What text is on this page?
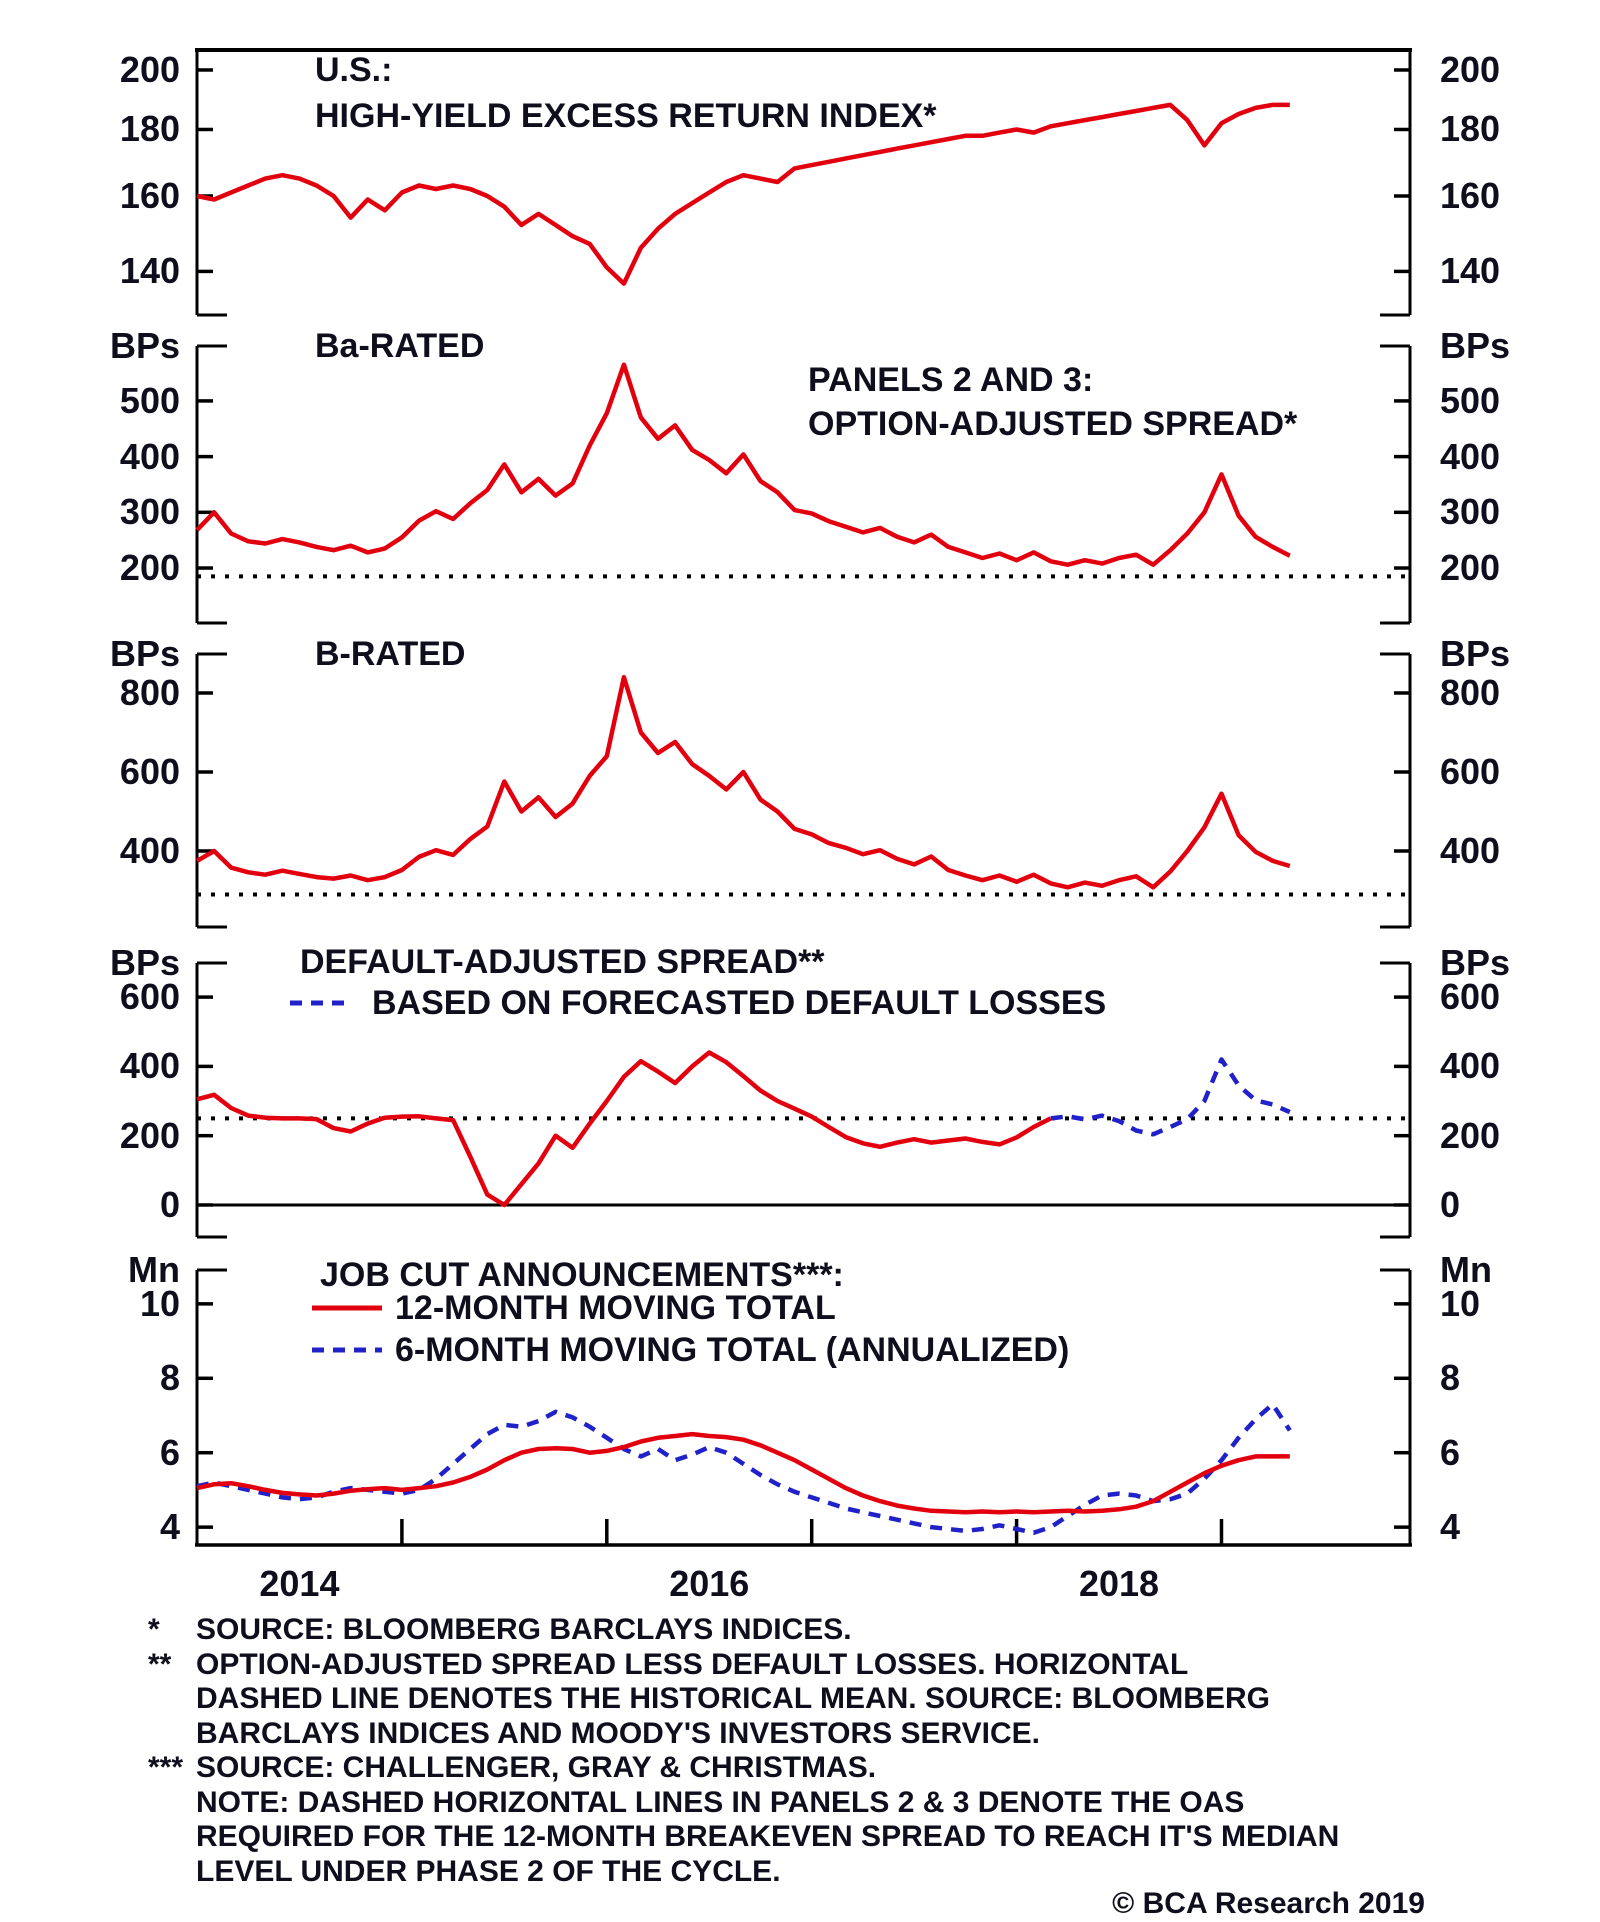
200	200
180	180
160	160
140	140
U.S.:
HIGH-YIELD EXCESS RETURN INDEX*
500	500
400	400
300	300
200	200
BPs	BPs
Ba-RATED
PANELS 2 AND 3:
OPTION-ADJUSTED SPREAD*
800	800
600	600
400	400
BPs	BPs
B-RATED
600	600
400	400
200	200
0	0
BPs	BPs
DEFAULT-ADJUSTED SPREAD**
BASED ON FORECASTED DEFAULT LOSSES
10	10
8	8
6	6
4	4
Mn	Mn
JOB CUT ANNOUNCEMENTS***:
12-MONTH MOVING TOTAL
6-MONTH MOVING TOTAL (ANNUALIZED)
2014	2016	2018
* SOURCE: BLOOMBERG BARCLAYS INDICES.
** OPTION-ADJUSTED SPREAD LESS DEFAULT LOSSES. HORIZONTAL
DASHED LINE DENOTES THE HISTORICAL MEAN. SOURCE: BLOOMBERG
BARCLAYS INDICES AND MOODY'S INVESTORS SERVICE.
*** SOURCE: CHALLENGER, GRAY & CHRISTMAS.
NOTE: DASHED HORIZONTAL LINES IN PANELS 2 & 3 DENOTE THE OAS
REQUIRED FOR THE 12-MONTH BREAKEVEN SPREAD TO REACH IT'S MEDIAN
LEVEL UNDER PHASE 2 OF THE CYCLE.
© BCA Research 2019
